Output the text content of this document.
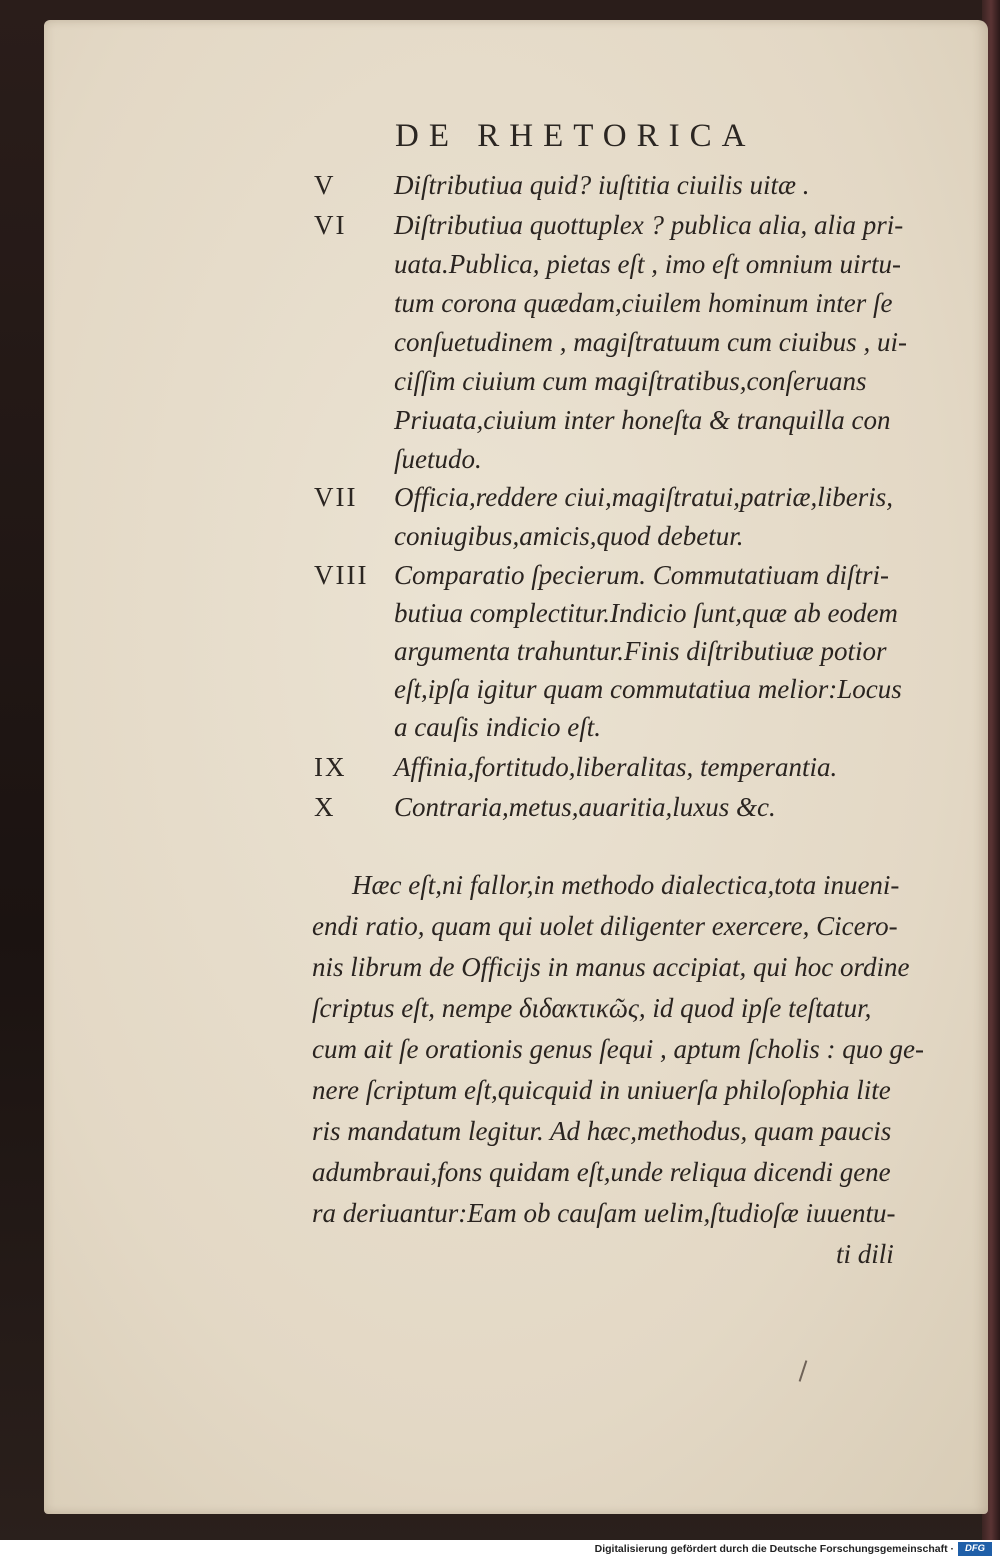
DE RHETORICA
V Diſtributiua quid? iuſtitia ciuilis uitæ .
VI Diſtributiua quottuplex ? publica alia, alia pri-
uata.Publica, pietas eſt , imo eſt omnium uirtu-
tum corona quædam,ciuilem hominum inter ſe
conſuetudinem , magiſtratuum cum ciuibus , ui-
ciſſim ciuium cum magiſtratibus,conſeruans
Priuata,ciuium inter honeſta & tranquilla con
ſuetudo.
VII Officia,reddere ciui,magiſtratui,patriæ,liberis,
coniugibus,amicis,quod debetur.
VIII Comparatio ſpecierum. Commutatiuam diſtri-
butiua complectitur.Indicio ſunt,quæ ab eodem
argumenta trahuntur.Finis diſtributiuæ potior
eſt,ipſa igitur quam commutatiua melior:Locus
a cauſis indicio eſt.
IX Affinia,fortitudo,liberalitas, temperantia.
X Contraria,metus,auaritia,luxus &c.
Hæc eſt,ni fallor,in methodo dialectica,tota inueni-
endi ratio, quam qui uolet diligenter exercere, Cicero-
nis librum de Officijs in manus accipiat, qui hoc ordine
ſcriptus eſt, nempe διδακτικῶς, id quod ipſe teſtatur,
cum ait ſe orationis genus ſequi , aptum ſcholis : quo ge-
nere ſcriptum eſt,quicquid in uniuerſa philoſophia lite
ris mandatum legitur. Ad hæc,methodus, quam paucis
adumbraui,fons quidam eſt,unde reliqua dicendi gene
ra deriuantur:Eam ob cauſam uelim,ſtudioſæ iuuentu-
ti dili
Digitalisierung gefördert durch die Deutsche Forschungsgemeinschaft ·	DFG
